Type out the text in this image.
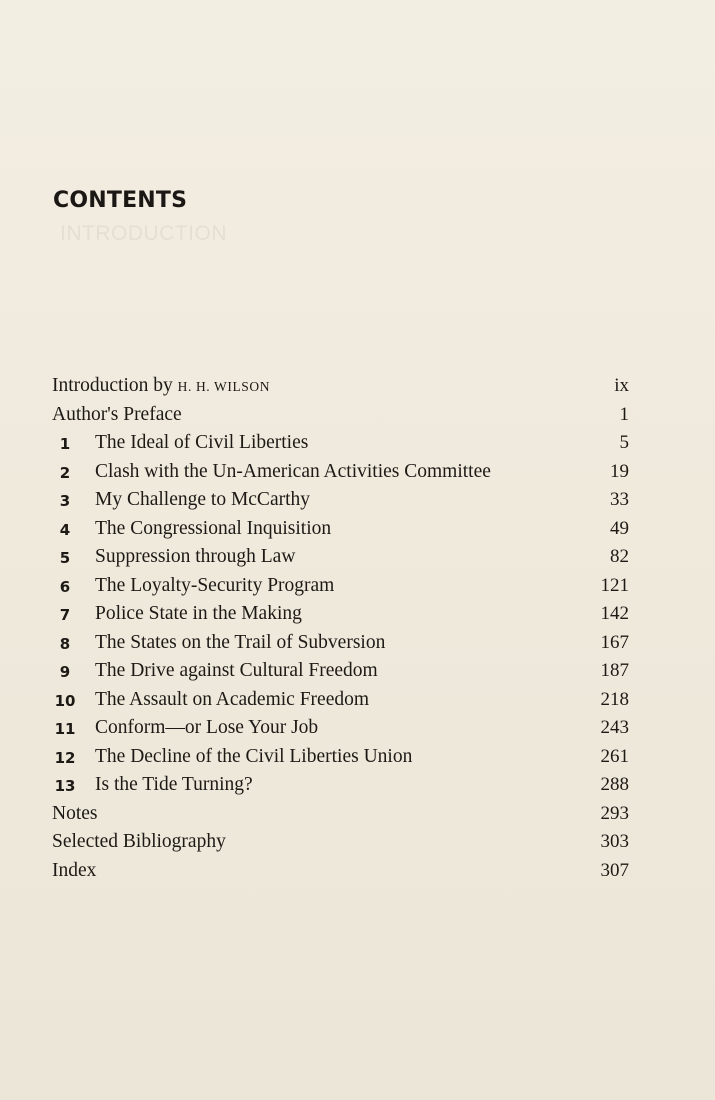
INTRODUCTION
CONTENTS
Introduction by H. H. WILSON	ix
Author's Preface	1
1	The Ideal of Civil Liberties	5
2	Clash with the Un-American Activities Committee	19
3	My Challenge to McCarthy	33
4	The Congressional Inquisition	49
5	Suppression through Law	82
6	The Loyalty-Security Program	121
7	Police State in the Making	142
8	The States on the Trail of Subversion	167
9	The Drive against Cultural Freedom	187
10 The Assault on Academic Freedom	218
11 Conform—or Lose Your Job	243
12 The Decline of the Civil Liberties Union	261
13 Is the Tide Turning?	288
Notes	293
Selected Bibliography	303
Index	307
